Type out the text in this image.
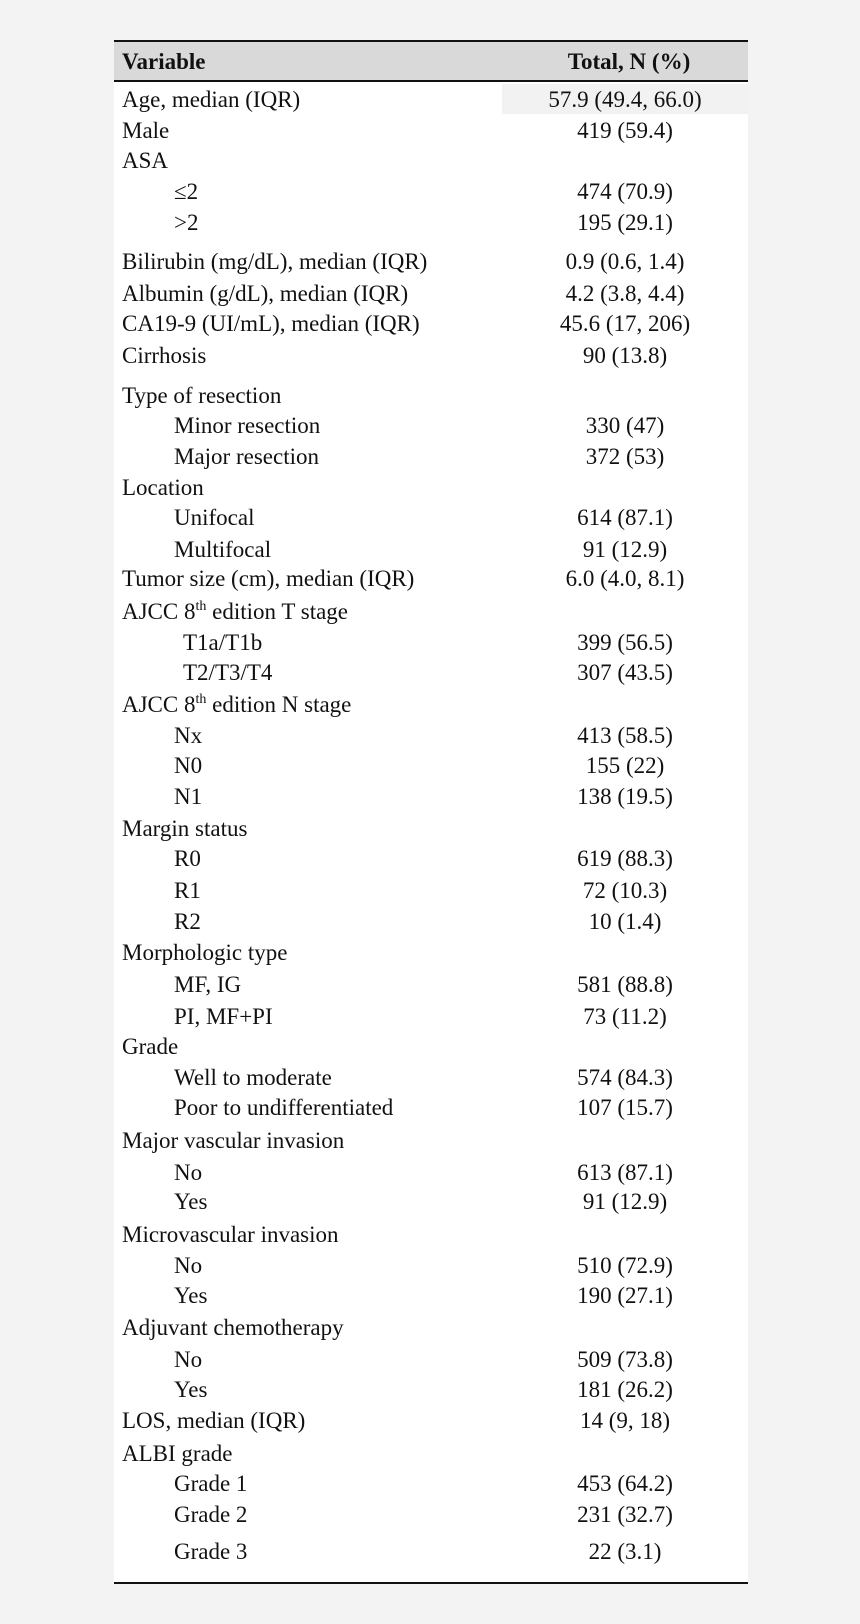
Variable	Total, N (%)
Age, median (IQR)	57.9 (49.4, 66.0)
Male	419 (59.4)
ASA
≤2	474 (70.9)
>2	195 (29.1)
Bilirubin (mg/dL), median (IQR)	0.9 (0.6, 1.4)
Albumin (g/dL), median (IQR)	4.2 (3.8, 4.4)
CA19-9 (UI/mL), median (IQR)	45.6 (17, 206)
Cirrhosis	90 (13.8)
Type of resection
Minor resection	330 (47)
Major resection	372 (53)
Location
Unifocal	614 (87.1)
Multifocal	91 (12.9)
Tumor size (cm), median (IQR)	6.0 (4.0, 8.1)
AJCC 8th edition T stage
T1a/T1b	399 (56.5)
T2/T3/T4	307 (43.5)
AJCC 8th edition N stage
Nx	413 (58.5)
N0	155 (22)
N1	138 (19.5)
Margin status
R0	619 (88.3)
R1	72 (10.3)
R2	10 (1.4)
Morphologic type
MF, IG	581 (88.8)
PI, MF+PI	73 (11.2)
Grade
Well to moderate	574 (84.3)
Poor to undifferentiated	107 (15.7)
Major vascular invasion
No	613 (87.1)
Yes	91 (12.9)
Microvascular invasion
No	510 (72.9)
Yes	190 (27.1)
Adjuvant chemotherapy
No	509 (73.8)
Yes	181 (26.2)
LOS, median (IQR)	14 (9, 18)
ALBI grade
Grade 1	453 (64.2)
Grade 2	231 (32.7)
Grade 3	22 (3.1)
